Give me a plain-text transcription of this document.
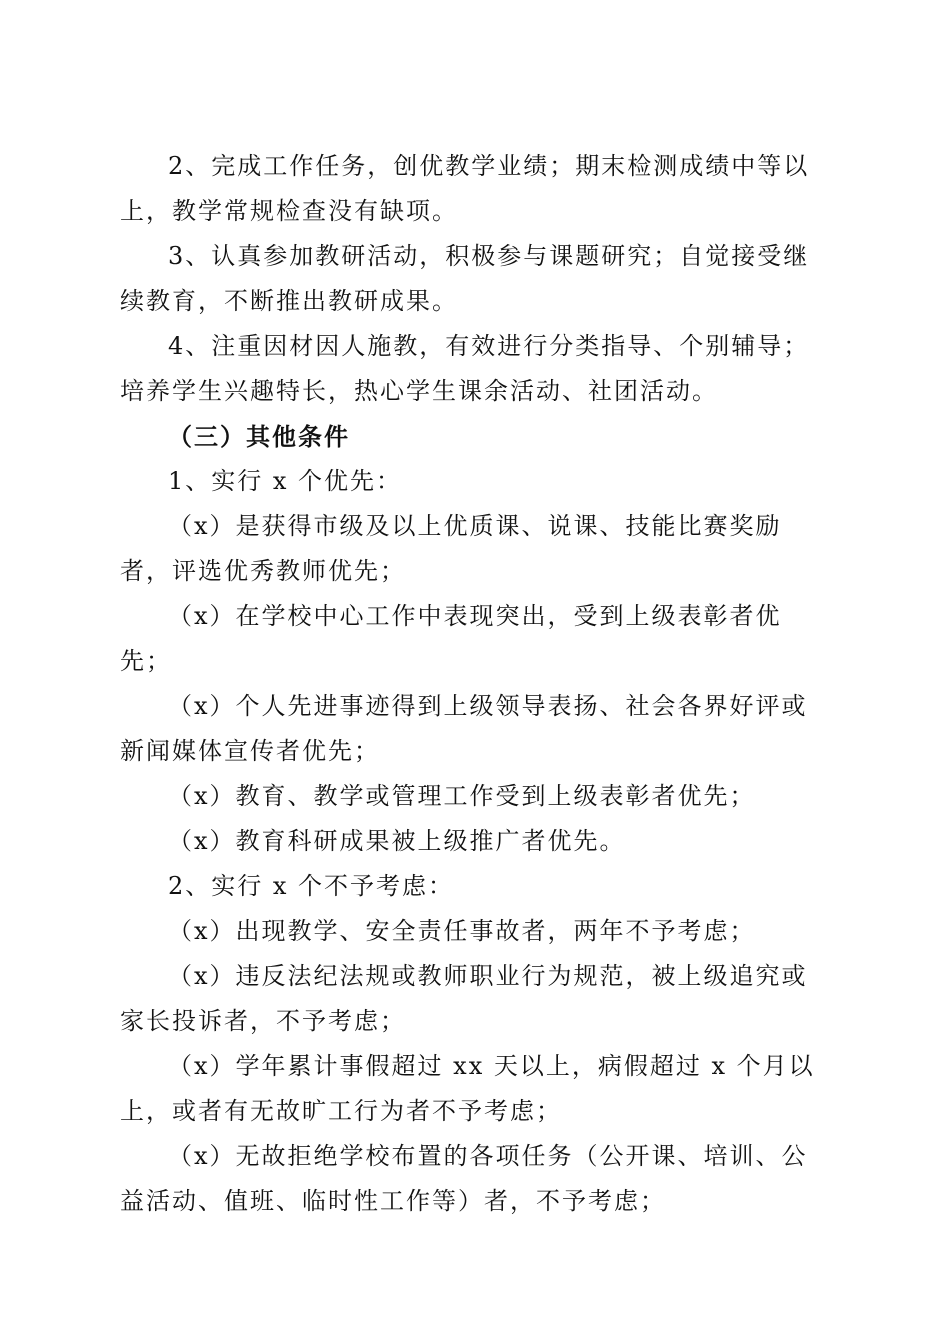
2、完成工作任务，创优教学业绩；期末检测成绩中等以上，教学常规检查没有缺项。

3、认真参加教研活动，积极参与课题研究；自觉接受继续教育，不断推出教研成果。

4、注重因材因人施教，有效进行分类指导、个别辅导；培养学生兴趣特长，热心学生课余活动、社团活动。

（三）其他条件

1、实行 x 个优先：

（x）是获得市级及以上优质课、说课、技能比赛奖励者，评选优秀教师优先；

（x）在学校中心工作中表现突出，受到上级表彰者优先；

（x）个人先进事迹得到上级领导表扬、社会各界好评或新闻媒体宣传者优先；

（x）教育、教学或管理工作受到上级表彰者优先；

（x）教育科研成果被上级推广者优先。

2、实行 x 个不予考虑：

（x）出现教学、安全责任事故者，两年不予考虑；

（x）违反法纪法规或教师职业行为规范，被上级追究或家长投诉者，不予考虑；

（x）学年累计事假超过 xx 天以上，病假超过 x 个月以上，或者有无故旷工行为者不予考虑；

（x）无故拒绝学校布置的各项任务（公开课、培训、公益活动、值班、临时性工作等）者，不予考虑；
